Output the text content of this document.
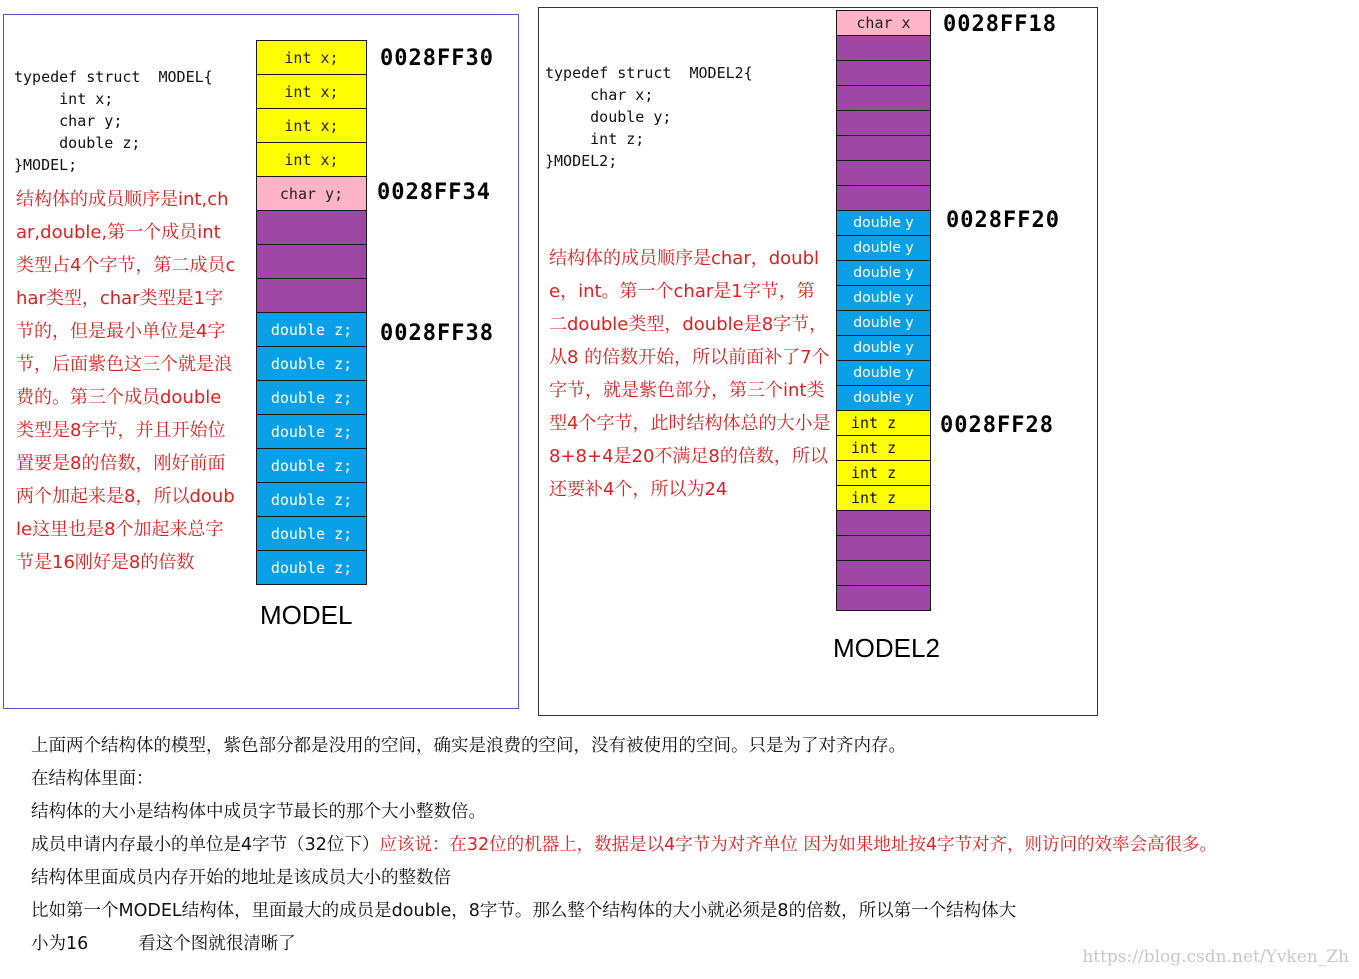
typedef struct  MODEL{
int x;
char y;
double z;
}MODEL;

结构体的成员顺序是int,char,double,第一个成员int类型占4个字节，第二成员char类型，char类型是1字节的，但是最小单位是4字节，后面紫色这三个就是浪费的。第三个成员double类型是8字节，并且开始位置要是8的倍数，刚好前面两个加起来是8，所以double这里也是8个加起来总字节是16刚好是8的倍数

int x;
int x;
int x;
int x;
char y;
double z;
double z;
double z;
double z;
double z;
double z;
double z;
double z;
0028FF30
0028FF34
0028FF38
MODEL
typedef struct  MODEL2{
char x;
double y;
int z;
}MODEL2;

结构体的成员顺序是char，double，int。第一个char是1字节，第二double类型，double是8字节，从8 的倍数开始，所以前面补了7个字节，就是紫色部分，第三个int类型4个字节，此时结构体总的大小是8+8+4是20不满足8的倍数，所以还要补4个，所以为24

char x
double y
double y
double y
double y
double y
double y
double y
double y
int z
int z
int z
int z
0028FF18
0028FF20
0028FF28
MODEL2
上面两个结构体的模型，紫色部分都是没用的空间，确实是浪费的空间，没有被使用的空间。只是为了对齐内存。
在结构体里面：
结构体的大小是结构体中成员字节最长的那个大小整数倍。
成员申请内存最小的单位是4字节（32位下）应该说：在32位的机器上，数据是以4字节为对齐单位 因为如果地址按4字节对齐，则访问的效率会高很多。
结构体里面成员内存开始的地址是该成员大小的整数倍
比如第一个MODEL结构体，里面最大的成员是double，8字节。那么整个结构体的大小就必须是8的倍数，所以第一个结构体大
小为16	看这个图就很清晰了
https://blog.csdn.net/Yvken_Zh
